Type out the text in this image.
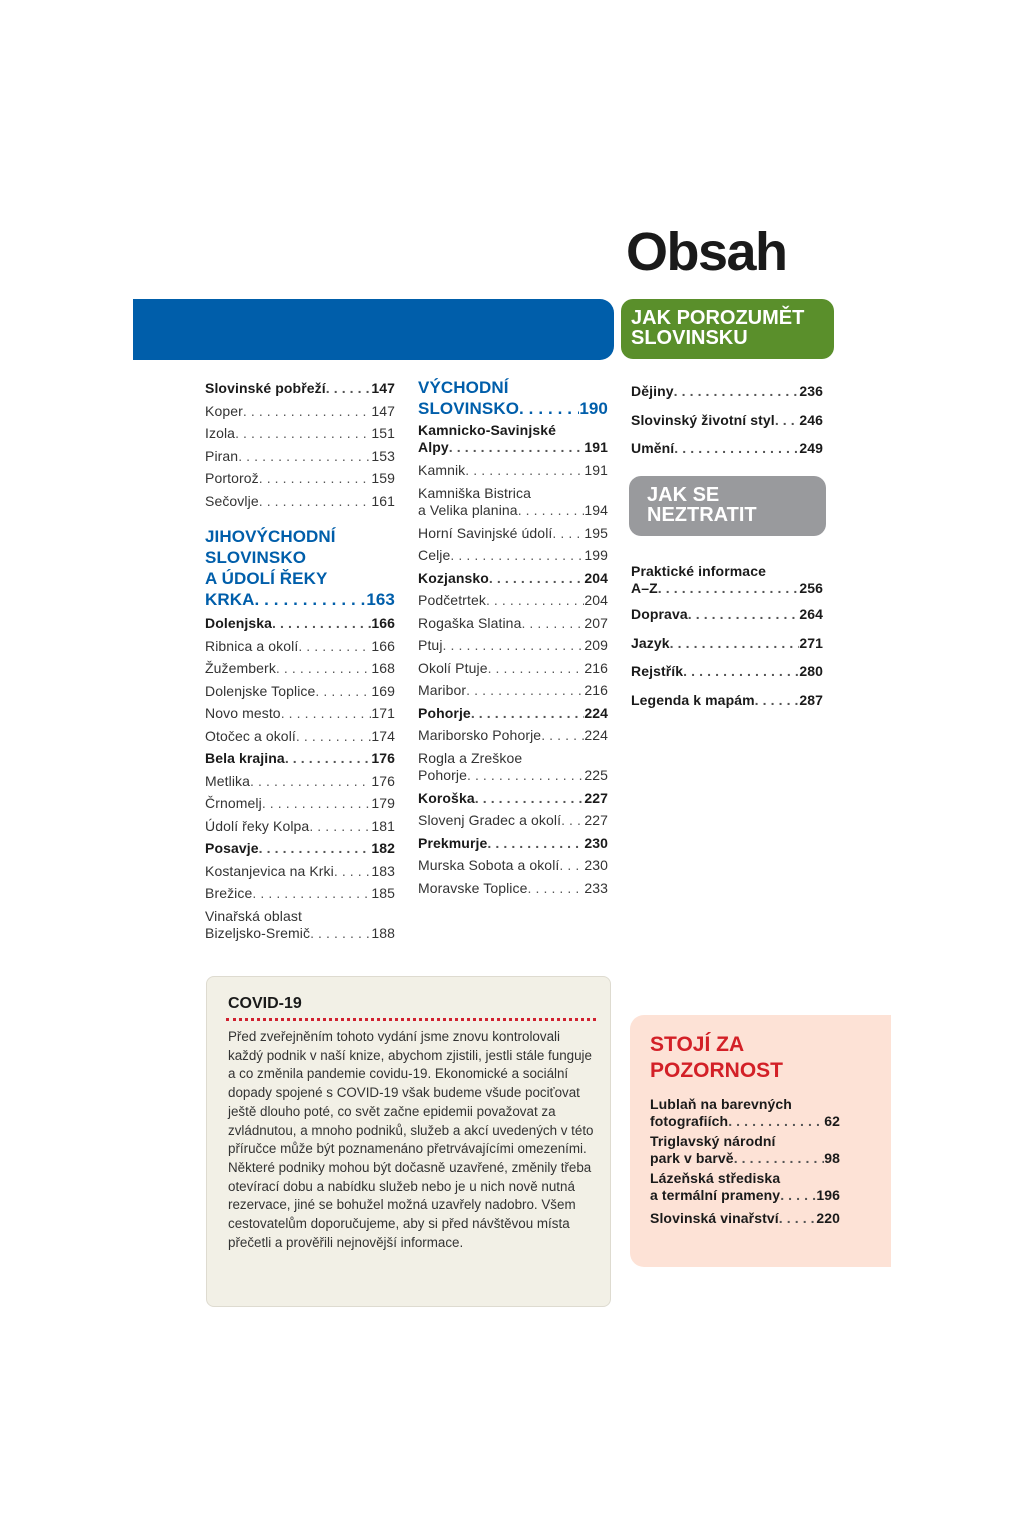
Obsah
JAK POROZUMĚT
SLOVINSKU
JAK SE
NEZTRATIT
Slovinské pobřeží . . .	147
Koper . . .	147
Izola . . .	151
Piran . . .	153
Portorož . . .	159
Sečovlje . . .	161
JIHOVÝCHODNÍ
SLOVINSKO
A ÚDOLÍ ŘEKY
KRKA . . .	163
Dolenjska . . .	166
Ribnica a okolí . . .	166
Žužemberk . . .	168
Dolenjske Toplice . . .	169
Novo mesto . . .	171
Otočec a okolí . . .	174
Bela krajina . . .	176
Metlika . . .	176
Črnomelj . . .	179
Údolí řeky Kolpa . . .	181
Posavje . . .	182
Kostanjevica na Krki . . .	183
Brežice . . .	185
Vinařská oblast
Bizeljsko-Sremič . . .	188
VÝCHODNÍ
SLOVINSKO . . .	190
Kamnicko-Savinjské
Alpy . . .	191
Kamnik . . .	191
Kamniška Bistrica
a Velika planina . . .	194
Horní Savinjské údolí . . . 195
Celje . . .	199
Kozjansko . . .	204
Podčetrtek . . .	204
Rogaška Slatina . . .	207
Ptuj . . .	209
Okolí Ptuje . . .	216
Maribor . . .	216
Pohorje . . .	224
Mariborsko Pohorje . . .	224
Rogla a Zreškoe
Pohorje . . .	225
Koroška . . .	227
Slovenj Gradec a okolí . . . 227
Prekmurje . . .	230
Murska Sobota a okolí . . . 230
Moravske Toplice . . .	233
Dějiny . . .	236
Slovinský životní styl . . . 246
Umění . . .	249
Praktické informace
A–Z . . .	256
Doprava . . .	264
Jazyk . . .	271
Rejstřík . . .	280
Legenda k mapám . . .	287
COVID-19
Před zveřejněním tohoto vydání jsme znovu kontrolovali každý podnik v naší knize, abychom zjistili, jestli stále funguje a co změnila pandemie covidu-19. Ekonomické a sociální dopady spojené s COVID-19 však budeme všude pociťovat ještě dlouho poté, co svět začne epidemii považovat za zvládnutou, a mnoho podniků, služeb a akcí uvedených v této příručce může být poznamenáno přetrvávajícími omezeními. Některé podniky mohou být dočasně uzavřené, změnily třeba otevírací dobu a nabídku služeb nebo je u nich nově nutná rezervace, jiné se bohužel možná uzavřely nadobro. Všem cestovatelům doporučujeme, aby si před návštěvou místa přečetli a prověřili nejnovější informace.
STOJÍ ZA
POZORNOST
Lublaň na barevných
fotografiích . . .	62
Triglavský národní
park v barvě . . .	98
Lázeňská střediska
a termální prameny . . .	196
Slovinská vinařství . . .	220
